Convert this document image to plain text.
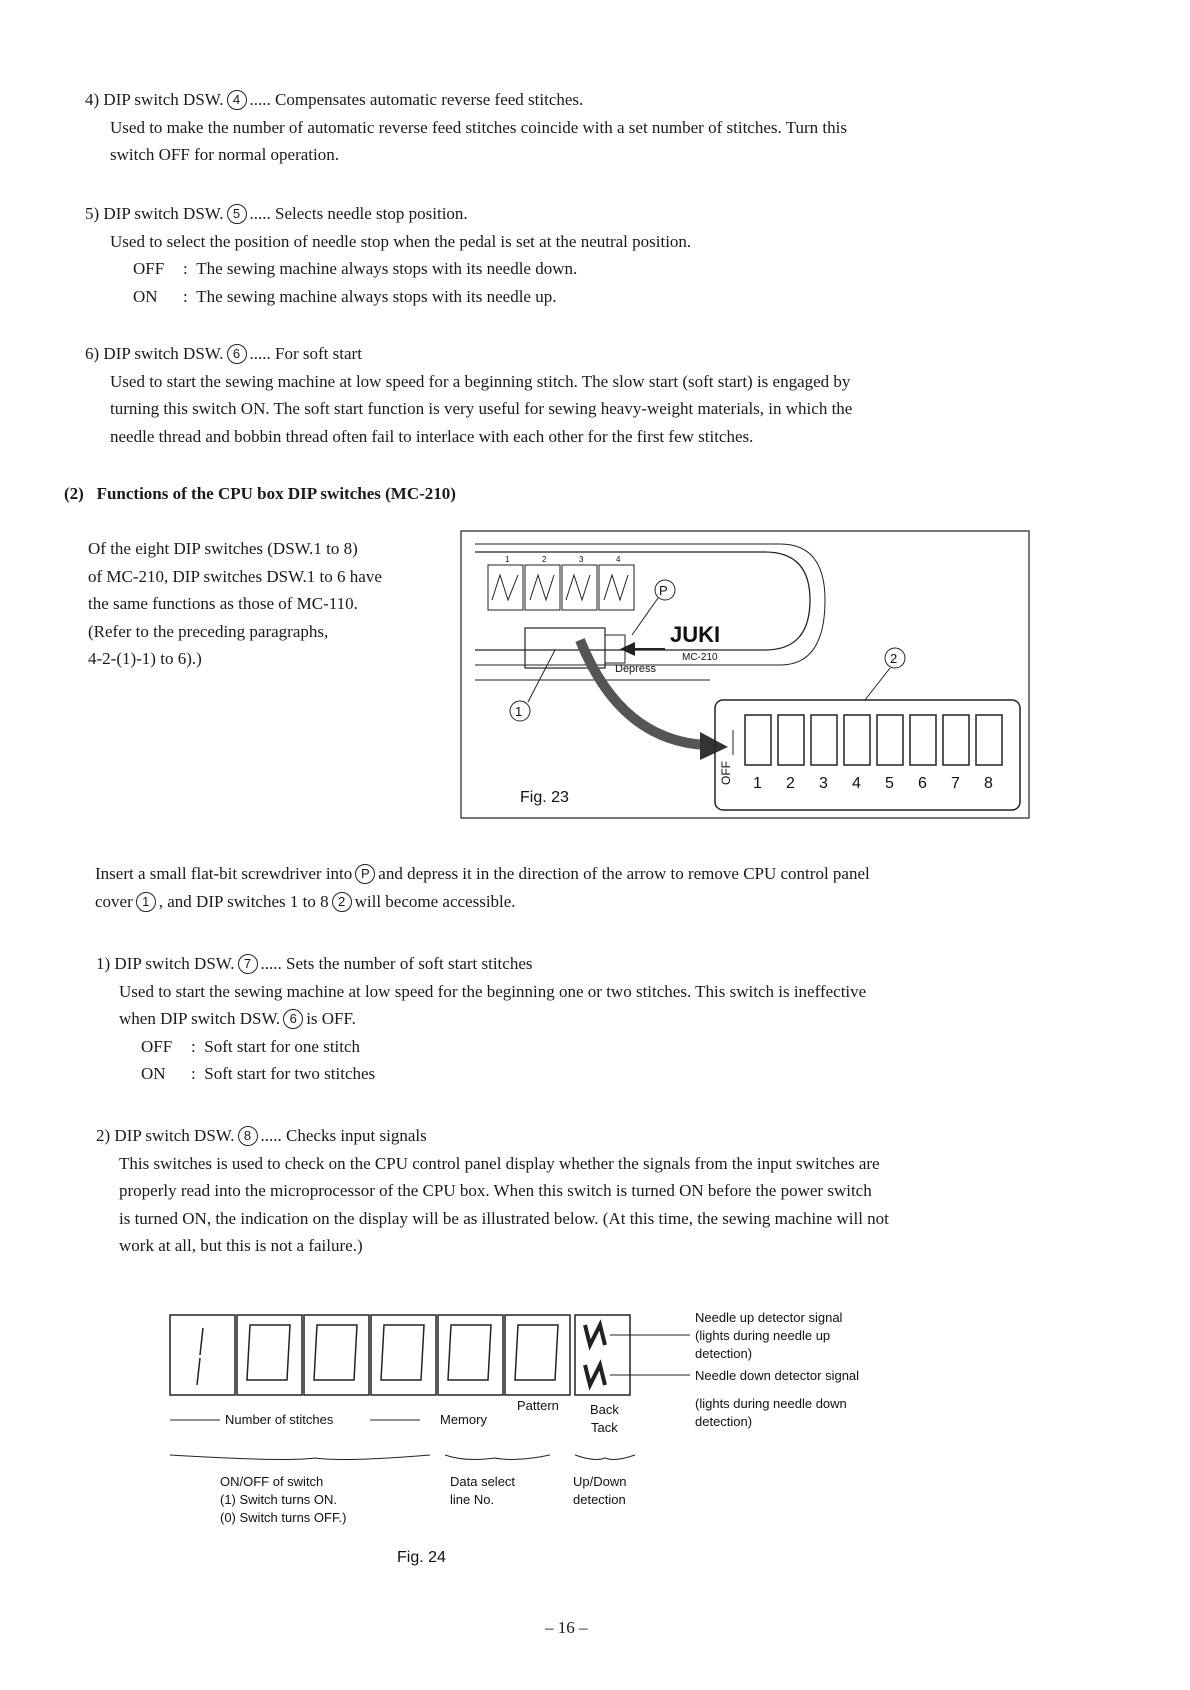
4) DIP switch DSW. 4 ..... Compensates automatic reverse feed stitches.
Used to make the number of automatic reverse feed stitches coincide with a set number of stitches. Turn this
switch OFF for normal operation.
5) DIP switch DSW. 5 ..... Selects needle stop position.
Used to select the position of needle stop when the pedal is set at the neutral position.
OFF :  The sewing machine always stops with its needle down.
ON :  The sewing machine always stops with its needle up.
6) DIP switch DSW. 6 ..... For soft start
Used to start the sewing machine at low speed for a beginning stitch. The slow start (soft start) is engaged by
turning this switch ON. The soft start function is very useful for sewing heavy-weight materials, in which the
needle thread and bobbin thread often fail to interlace with each other for the first few stitches.
(2) Functions of the CPU box DIP switches (MC-210)
Of the eight DIP switches (DSW.1 to 8)
of MC-210, DIP switches DSW.1 to 6 have
the same functions as those of MC-110.
(Refer to the preceding paragraphs,
4-2-(1)-1) to 6).)
1	2	3	4
P
JUKI
MC-210
Depress
1
2
OFF 1 2 3 4 5 6 7 8
Fig. 23
Insert a small flat-bit screwdriver into P and depress it in the direction of the arrow to remove CPU control panel
cover 1 , and DIP switches 1 to 8 2 will become accessible.
1) DIP switch DSW. 7 ..... Sets the number of soft start stitches
Used to start the sewing machine at low speed for the beginning one or two stitches. This switch is ineffective
when DIP switch DSW. 6 is OFF.
OFF :  Soft start for one stitch
ON :  Soft start for two stitches
2) DIP switch DSW. 8 ..... Checks input signals
This switches is used to check on the CPU control panel display whether the signals from the input switches are
properly read into the microprocessor of the CPU box. When this switch is turned ON before the power switch
is turned ON, the indication on the display will be as illustrated below. (At this time, the sewing machine will not
work at all, but this is not a failure.)
Needle up detector signal
(lights during needle up
detection)
Needle down detector signal
(lights during needle down
detection)
Number of stitches	Memory
Pattern Back
Tack
ON/OFF of switch
(1) Switch turns ON.
(0) Switch turns OFF.)
Data select
line No.
Up/Down
detection
Fig. 24
– 16 –
